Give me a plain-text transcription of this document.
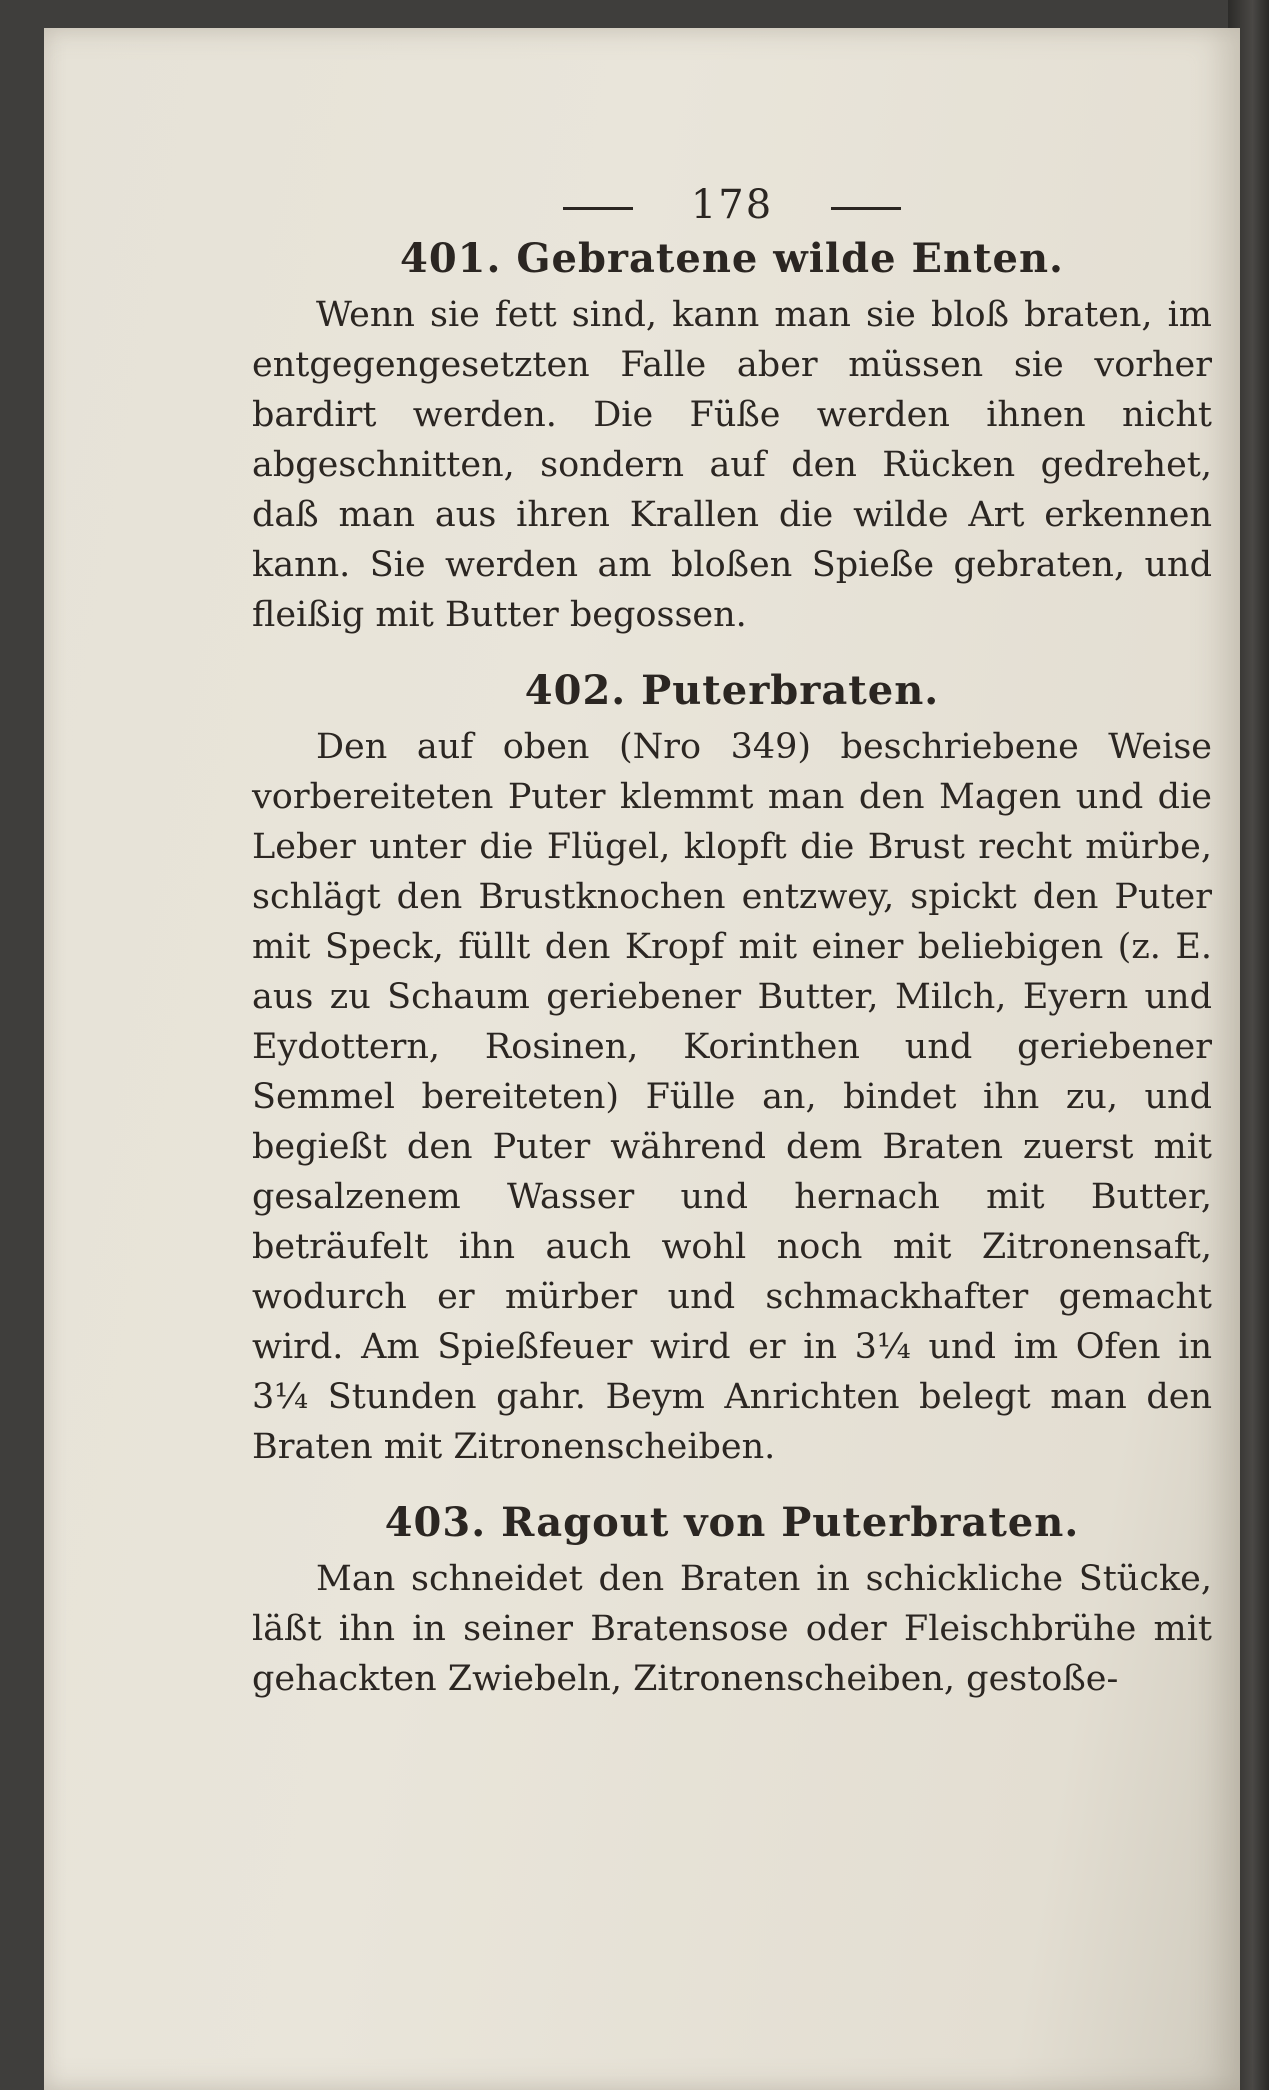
178
401. Gebratene wilde Enten.

Wenn sie fett sind, kann man sie bloß braten, im entgegengesetzten Falle aber müssen sie vorher bardirt werden. Die Füße werden ihnen nicht abgeschnitten, sondern auf den Rücken gedrehet, daß man aus ihren Krallen die wilde Art erkennen kann. Sie werden am bloßen Spieße gebraten, und fleißig mit Butter begossen.

402. Puterbraten.

Den auf oben (Nro 349) beschriebene Weise vorbereiteten Puter klemmt man den Magen und die Leber unter die Flügel, klopft die Brust recht mürbe, schlägt den Brustknochen entzwey, spickt den Puter mit Speck, füllt den Kropf mit einer beliebigen (z. E. aus zu Schaum geriebener Butter, Milch, Eyern und Eydottern, Rosinen, Korinthen und geriebener Semmel bereiteten) Fülle an, bindet ihn zu, und begießt den Puter während dem Braten zuerst mit gesalzenem Wasser und hernach mit Butter, beträufelt ihn auch wohl noch mit Zitronensaft, wodurch er mürber und schmackhafter gemacht wird. Am Spießfeuer wird er in 3¼ und im Ofen in 3¼ Stunden gahr. Beym Anrichten belegt man den Braten mit Zitronenscheiben.

403. Ragout von Puterbraten.

Man schneidet den Braten in schickliche Stücke, läßt ihn in seiner Bratensose oder Fleischbrühe mit gehackten Zwiebeln, Zitronenscheiben, gestoße-
